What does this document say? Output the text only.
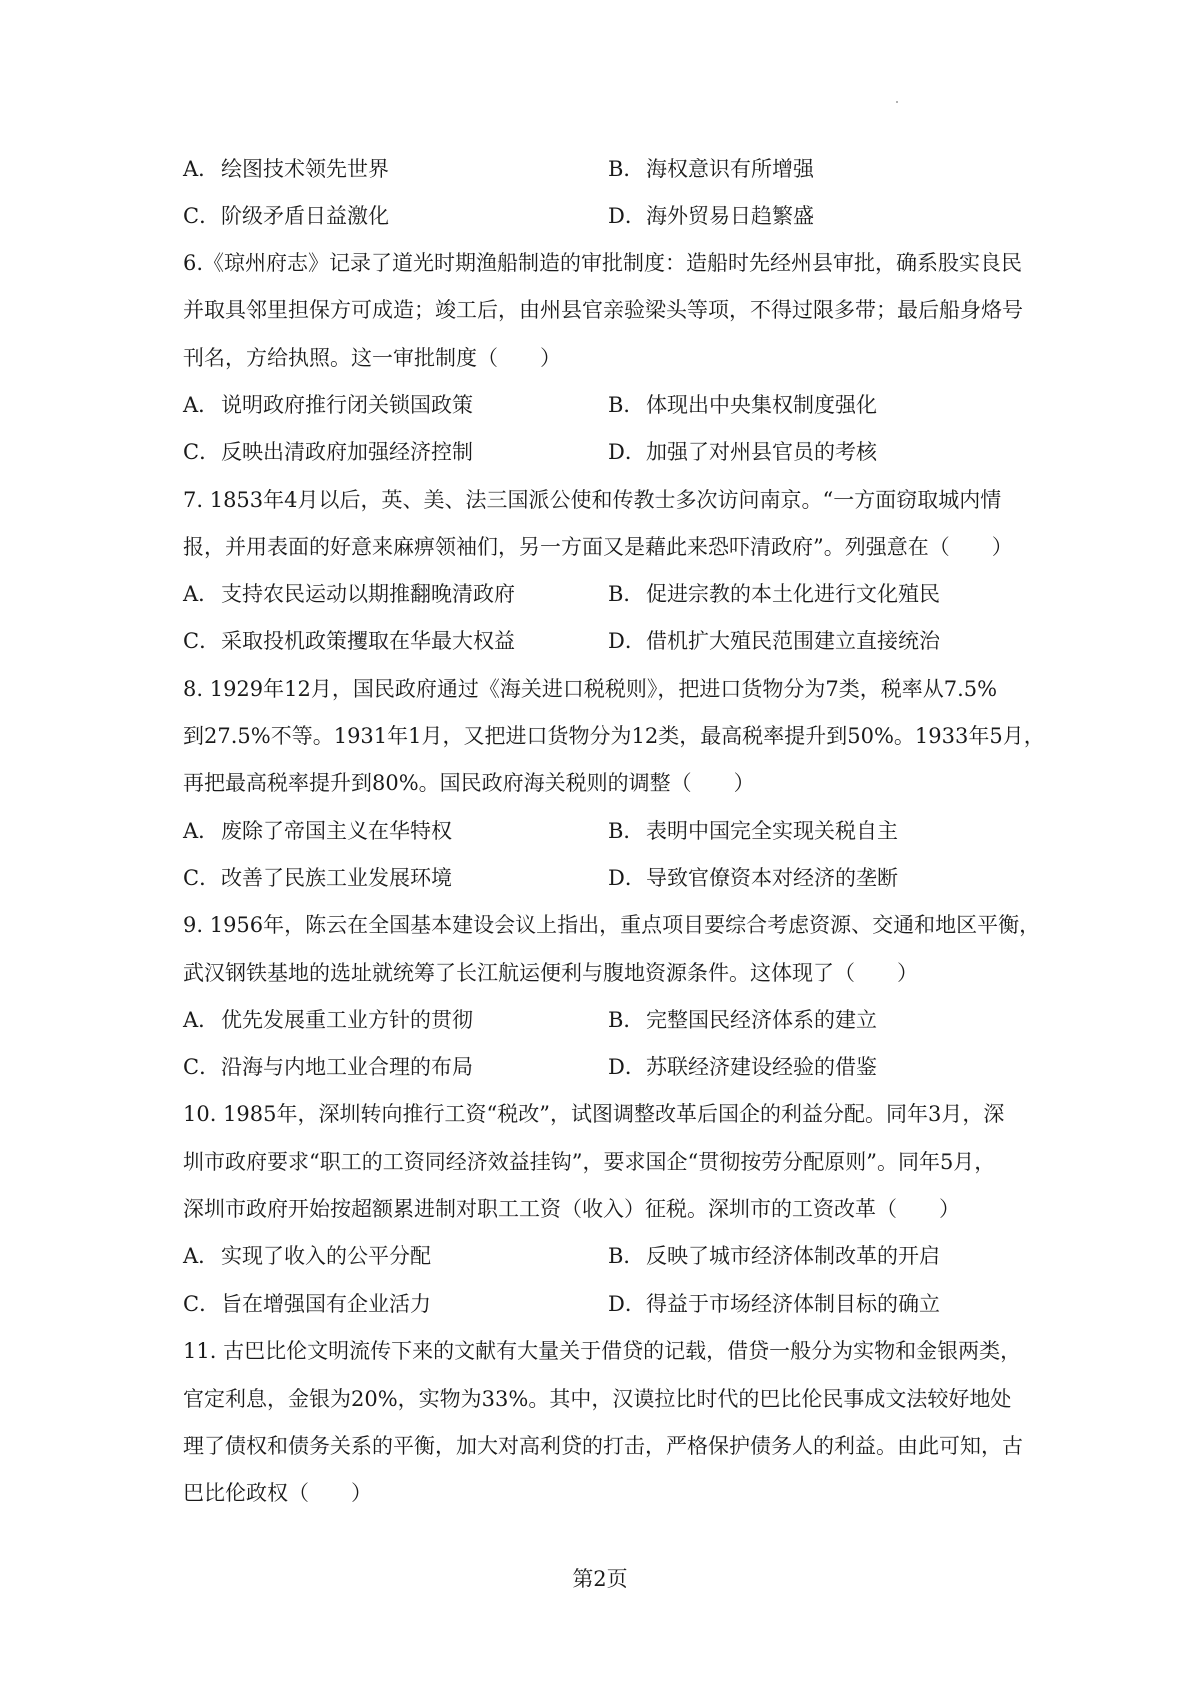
A．绘图技术领先世界	B．海权意识有所增强
C．阶级矛盾日益激化	D．海外贸易日趋繁盛
6.《琼州府志》记录了道光时期渔船制造的审批制度：造船时先经州县审批，确系股实良民
并取具邻里担保方可成造；竣工后，由州县官亲验梁头等项，不得过限多带；最后船身烙号
刊名，方给执照。这一审批制度（　　）
A．说明政府推行闭关锁国政策	B．体现出中央集权制度强化
C．反映出清政府加强经济控制	D．加强了对州县官员的考核
7. 1853年4月以后，英、美、法三国派公使和传教士多次访问南京。“一方面窃取城内情
报，并用表面的好意来麻痹领袖们，另一方面又是藉此来恐吓清政府”。列强意在（　　）
A．支持农民运动以期推翻晚清政府	B．促进宗教的本土化进行文化殖民
C．采取投机政策攫取在华最大权益	D．借机扩大殖民范围建立直接统治
8. 1929年12月，国民政府通过《海关进口税税则》，把进口货物分为7类，税率从7.5%
到27.5%不等。1931年1月，又把进口货物分为12类，最高税率提升到50%。1933年5月，
再把最高税率提升到80%。国民政府海关税则的调整（　　）
A．废除了帝国主义在华特权	B．表明中国完全实现关税自主
C．改善了民族工业发展环境	D．导致官僚资本对经济的垄断
9. 1956年，陈云在全国基本建设会议上指出，重点项目要综合考虑资源、交通和地区平衡，
武汉钢铁基地的选址就统筹了长江航运便利与腹地资源条件。这体现了（　　）
A．优先发展重工业方针的贯彻	B．完整国民经济体系的建立
C．沿海与内地工业合理的布局	D．苏联经济建设经验的借鉴
10. 1985年，深圳转向推行工资“税改”，试图调整改革后国企的利益分配。同年3月，深
圳市政府要求“职工的工资同经济效益挂钩”，要求国企“贯彻按劳分配原则”。同年5月，
深圳市政府开始按超额累进制对职工工资（收入）征税。深圳市的工资改革（　　）
A．实现了收入的公平分配	B．反映了城市经济体制改革的开启
C．旨在增强国有企业活力	D．得益于市场经济体制目标的确立
11. 古巴比伦文明流传下来的文献有大量关于借贷的记载，借贷一般分为实物和金银两类，
官定利息，金银为20%，实物为33%。其中，汉谟拉比时代的巴比伦民事成文法较好地处
理了债权和债务关系的平衡，加大对高利贷的打击，严格保护债务人的利益。由此可知，古
巴比伦政权（　　）
第2页
